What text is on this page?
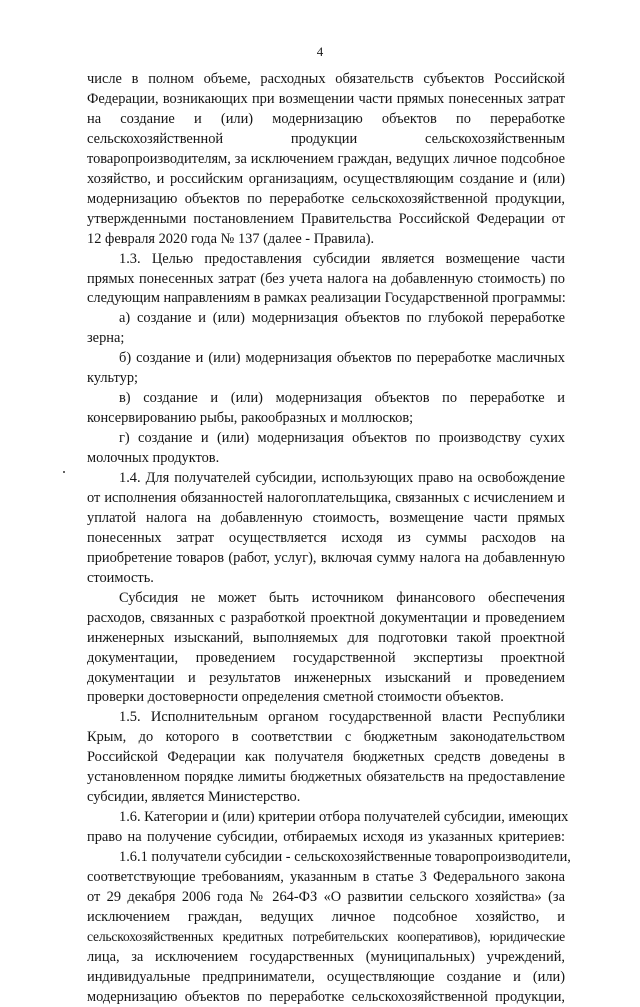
4
числе в полном объеме, расходных обязательств субъектов Российской
Федерации, возникающих при возмещении части прямых понесенных затрат
на создание и (или) модернизацию объектов по переработке
сельскохозяйственной продукции сельскохозяйственным
товаропроизводителям, за исключением граждан, ведущих личное подсобное
хозяйство, и российским организациям, осуществляющим создание и (или)
модернизацию объектов по переработке сельскохозяйственной продукции,
утвержденными постановлением Правительства Российской Федерации от
12 февраля 2020 года № 137 (далее - Правила).
1.3. Целью предоставления субсидии является возмещение части
прямых понесенных затрат (без учета налога на добавленную стоимость) по
следующим направлениям в рамках реализации Государственной программы:
а) создание и (или) модернизация объектов по глубокой переработке
зерна;
б) создание и (или) модернизация объектов по переработке масличных
культур;
в) создание и (или) модернизация объектов по переработке и
консервированию рыбы, ракообразных и моллюсков;
г) создание и (или) модернизация объектов по производству сухих
молочных продуктов.
1.4. Для получателей субсидии, использующих право на освобождение
от исполнения обязанностей налогоплательщика, связанных с исчислением и
уплатой налога на добавленную стоимость, возмещение части прямых
понесенных затрат осуществляется исходя из суммы расходов на
приобретение товаров (работ, услуг), включая сумму налога на добавленную
стоимость.
Субсидия не может быть источником финансового обеспечения
расходов, связанных с разработкой проектной документации и проведением
инженерных изысканий, выполняемых для подготовки такой проектной
документации, проведением государственной экспертизы проектной
документации и результатов инженерных изысканий и проведением
проверки достоверности определения сметной стоимости объектов.
1.5. Исполнительным органом государственной власти Республики
Крым, до которого в соответствии с бюджетным законодательством
Российской Федерации как получателя бюджетных средств доведены в
установленном порядке лимиты бюджетных обязательств на предоставление
субсидии, является Министерство.
1.6. Категории и (или) критерии отбора получателей субсидии, имеющих
право на получение субсидии, отбираемых исходя из указанных критериев:
1.6.1 получатели субсидии - сельскохозяйственные товаропроизводители,
соответствующие требованиям, указанным в статье 3 Федерального закона
от 29 декабря 2006 года № 264-ФЗ «О развитии сельского хозяйства» (за
исключением граждан, ведущих личное подсобное хозяйство, и
сельскохозяйственных кредитных потребительских кооперативов), юридические
лица, за исключением государственных (муниципальных) учреждений,
индивидуальные предприниматели, осуществляющие создание и (или)
модернизацию объектов по переработке сельскохозяйственной продукции,
